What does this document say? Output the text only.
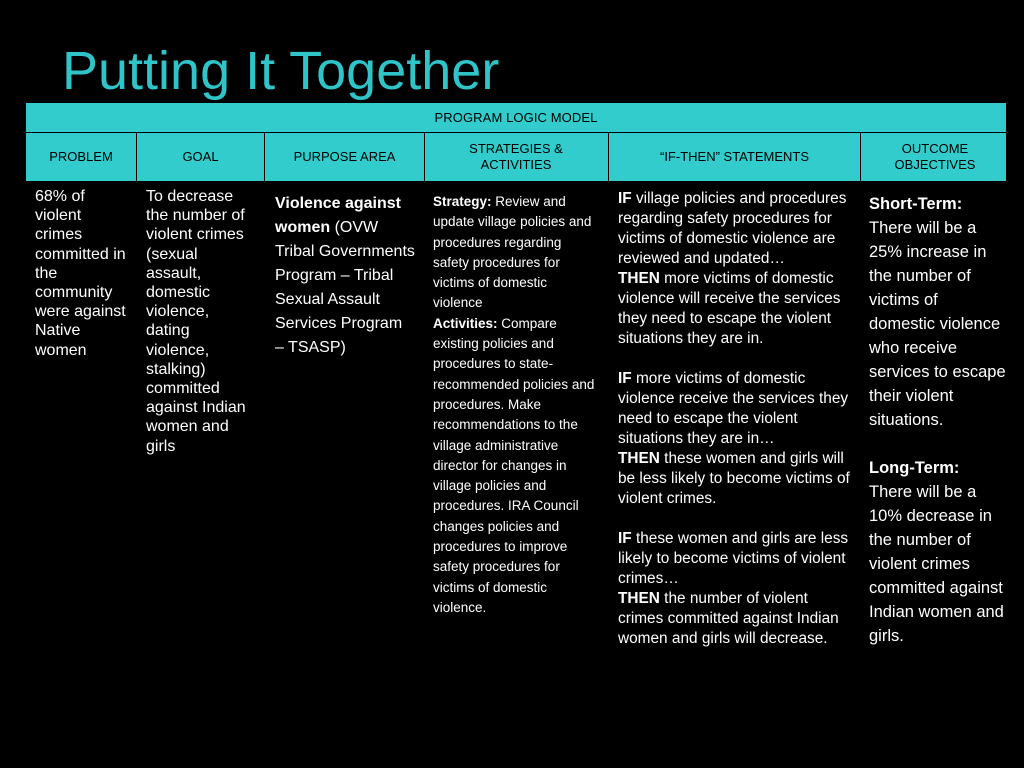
Putting It Together
PROGRAM LOGIC MODEL
PROBLEM	GOAL	PURPOSE AREA
STRATEGIES & ACTIVITIES
“IF-THEN” STATEMENTS
OUTCOME OBJECTIVES

68% of violent crimes committed in the community were against Native women

To decrease the number of violent crimes (sexual assault, domestic violence, dating violence, stalking) committed against Indian women and girls

Violence against women (OVW Tribal Governments Program – Tribal Sexual Assault Services Program – TSASP)

Strategy: Review and update village policies and procedures regarding safety procedures for victims of domestic violence

Activities: Compare existing policies and procedures to state-recommended policies and procedures. Make recommendations to the village administrative director for changes in village policies and procedures. IRA Council changes policies and procedures to improve safety procedures for victims of domestic violence.

IF village policies and procedures regarding safety procedures for victims of domestic violence are reviewed and updated…
THEN more victims of domestic violence will receive the services they need to escape the violent situations they are in.

IF more victims of domestic violence receive the services they need to escape the violent situations they are in…
THEN these women and girls will be less likely to become victims of violent crimes.

IF these women and girls are less likely to become victims of violent crimes…
THEN the number of violent crimes committed against Indian women and girls will decrease.

Short-Term: There will be a 25% increase in the number of victims of domestic violence who receive services to escape their violent situations.

Long-Term: There will be a 10% decrease in the number of violent crimes committed against Indian women and girls.
